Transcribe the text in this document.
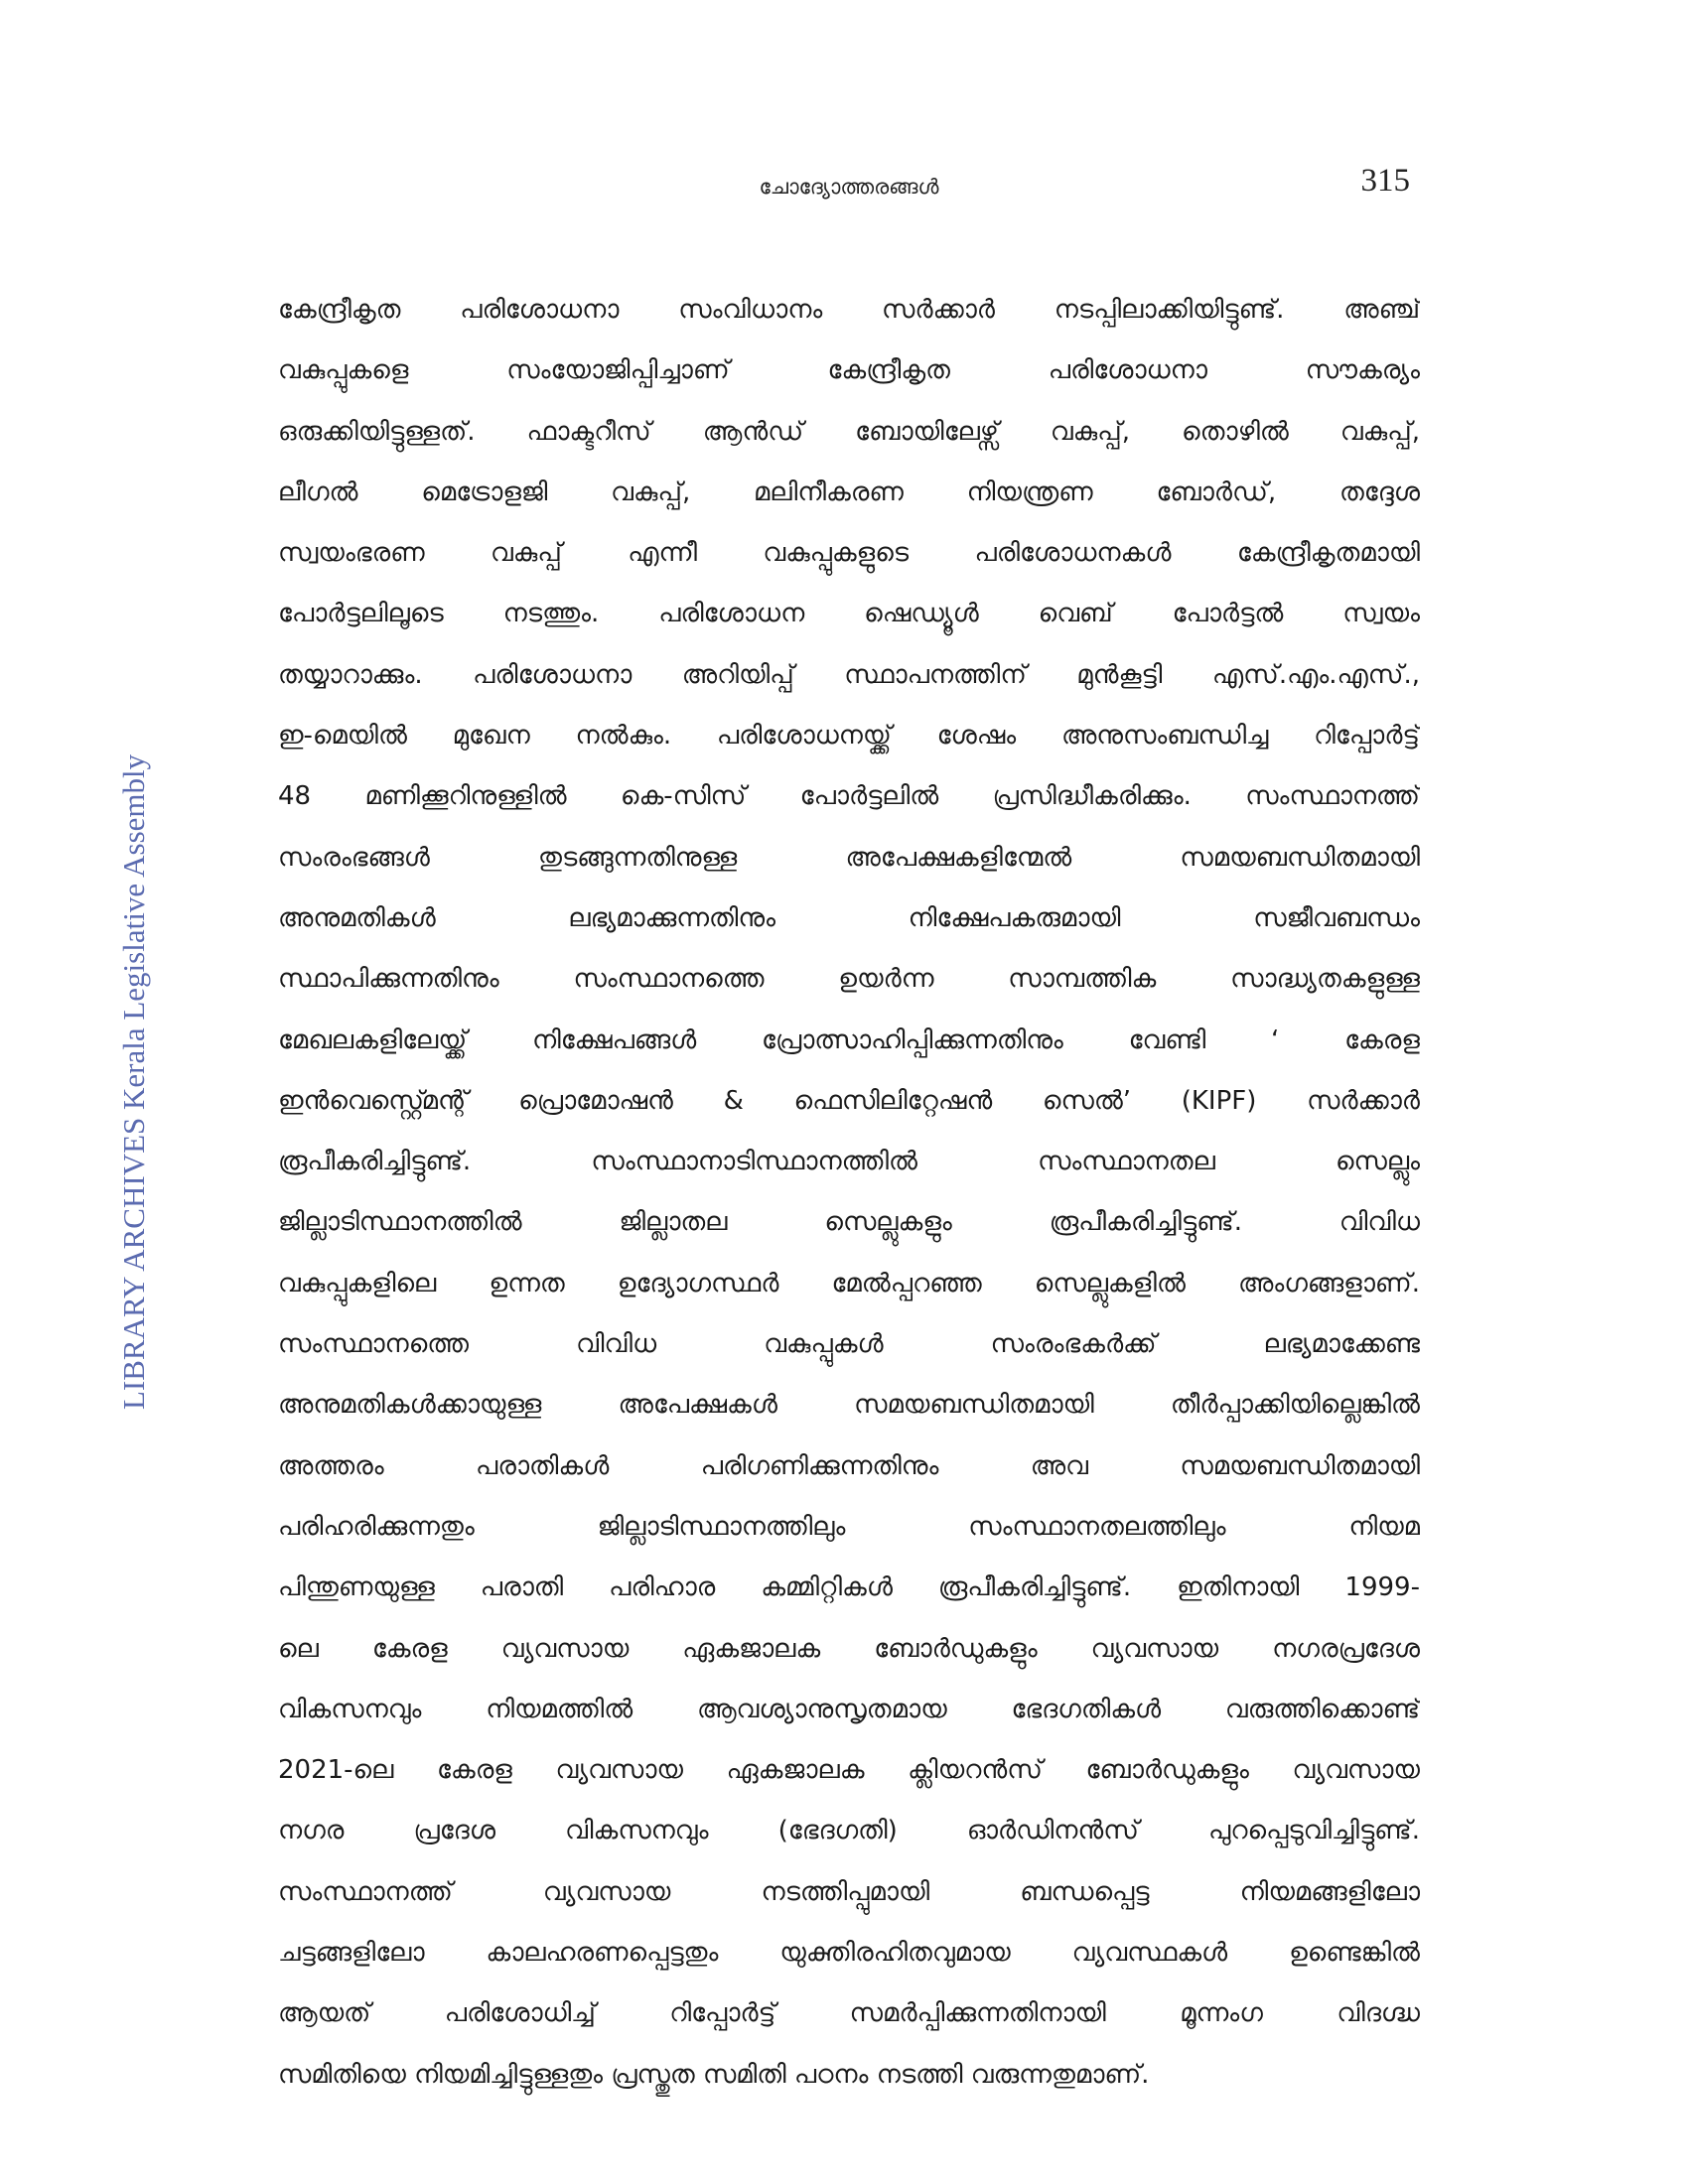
ചോദ്യോത്തരങ്ങൾ	315
LIBRARY ARCHIVES Kerala Legislative Assembly
കേന്ദ്രീകൃത പരിശോധനാ സംവിധാനം സർക്കാർ നടപ്പിലാക്കിയിട്ടുണ്ട്. അഞ്ച്
വകുപ്പുകളെ സംയോജിപ്പിച്ചാണ് കേന്ദ്രീകൃത പരിശോധനാ സൗകര്യം
ഒരുക്കിയിട്ടുള്ളത്. ഫാക്ടറീസ് ആൻഡ് ബോയിലേഴ്സ് വകുപ്പ്, തൊഴിൽ വകുപ്പ്,
ലീഗൽ മെട്രോളജി വകുപ്പ്, മലിനീകരണ നിയന്ത്രണ ബോർഡ്, തദ്ദേശ
സ്വയംഭരണ വകുപ്പ് എന്നീ വകുപ്പുകളുടെ പരിശോധനകൾ കേന്ദ്രീകൃതമായി
പോർട്ടലിലൂടെ നടത്തും. പരിശോധന ഷെഡ്യൂൾ വെബ് പോർട്ടൽ സ്വയം
തയ്യാറാക്കും. പരിശോധനാ അറിയിപ്പ് സ്ഥാപനത്തിന് മുൻകൂട്ടി എസ്.എം.എസ്.,
ഇ-മെയിൽ മുഖേന നൽകും. പരിശോധനയ്ക്ക് ശേഷം അനുസംബന്ധിച്ച റിപ്പോർട്ട്
48 മണിക്കൂറിനുള്ളിൽ കെ-സിസ് പോർട്ടലിൽ പ്രസിദ്ധീകരിക്കും. സംസ്ഥാനത്ത്
സംരംഭങ്ങൾ തുടങ്ങുന്നതിനുള്ള അപേക്ഷകളിന്മേൽ സമയബന്ധിതമായി
അനുമതികൾ ലഭ്യമാക്കുന്നതിനും നിക്ഷേപകരുമായി സജീവബന്ധം
സ്ഥാപിക്കുന്നതിനും സംസ്ഥാനത്തെ ഉയർന്ന സാമ്പത്തിക സാദ്ധ്യതകളുള്ള
മേഖലകളിലേയ്ക്ക് നിക്ഷേപങ്ങൾ പ്രോത്സാഹിപ്പിക്കുന്നതിനും വേണ്ടി ‘ കേരള
ഇൻവെസ്റ്റ്മെന്റ് പ്രൊമോഷൻ & ഫെസിലിറ്റേഷൻ സെൽ’ (KIPF) സർക്കാർ
രൂപീകരിച്ചിട്ടുണ്ട്. സംസ്ഥാനാടിസ്ഥാനത്തിൽ സംസ്ഥാനതല സെല്ലും
ജില്ലാടിസ്ഥാനത്തിൽ ജില്ലാതല സെല്ലുകളും രൂപീകരിച്ചിട്ടുണ്ട്. വിവിധ
വകുപ്പുകളിലെ ഉന്നത ഉദ്യോഗസ്ഥർ മേൽപ്പറഞ്ഞ സെല്ലുകളിൽ അംഗങ്ങളാണ്.
സംസ്ഥാനത്തെ വിവിധ വകുപ്പുകൾ സംരംഭകർക്ക് ലഭ്യമാക്കേണ്ട
അനുമതികൾക്കായുള്ള അപേക്ഷകൾ സമയബന്ധിതമായി തീർപ്പാക്കിയില്ലെങ്കിൽ
അത്തരം പരാതികൾ പരിഗണിക്കുന്നതിനും അവ സമയബന്ധിതമായി
പരിഹരിക്കുന്നതും ജില്ലാടിസ്ഥാനത്തിലും സംസ്ഥാനതലത്തിലും നിയമ
പിന്തുണയുള്ള പരാതി പരിഹാര കമ്മിറ്റികൾ രൂപീകരിച്ചിട്ടുണ്ട്. ഇതിനായി 1999-
ലെ കേരള വ്യവസായ ഏകജാലക ബോർഡുകളും വ്യവസായ നഗരപ്രദേശ
വികസനവും നിയമത്തിൽ ആവശ്യാനുസൃതമായ ഭേദഗതികൾ വരുത്തിക്കൊണ്ട്
2021-ലെ കേരള വ്യവസായ ഏകജാലക ക്ലിയറൻസ് ബോർഡുകളും വ്യവസായ
നഗര പ്രദേശ വികസനവും (ഭേദഗതി) ഓർഡിനൻസ് പുറപ്പെടുവിച്ചിട്ടുണ്ട്.
സംസ്ഥാനത്ത് വ്യവസായ നടത്തിപ്പുമായി ബന്ധപ്പെട്ട നിയമങ്ങളിലോ
ചട്ടങ്ങളിലോ കാലഹരണപ്പെട്ടതും യുക്തിരഹിതവുമായ വ്യവസ്ഥകൾ ഉണ്ടെങ്കിൽ
ആയത് പരിശോധിച്ച് റിപ്പോർട്ട് സമർപ്പിക്കുന്നതിനായി മൂന്നംഗ വിദഗ്ദ്ധ
സമിതിയെ നിയമിച്ചിട്ടുള്ളതും പ്രസ്തുത സമിതി പഠനം നടത്തി വരുന്നതുമാണ്.
